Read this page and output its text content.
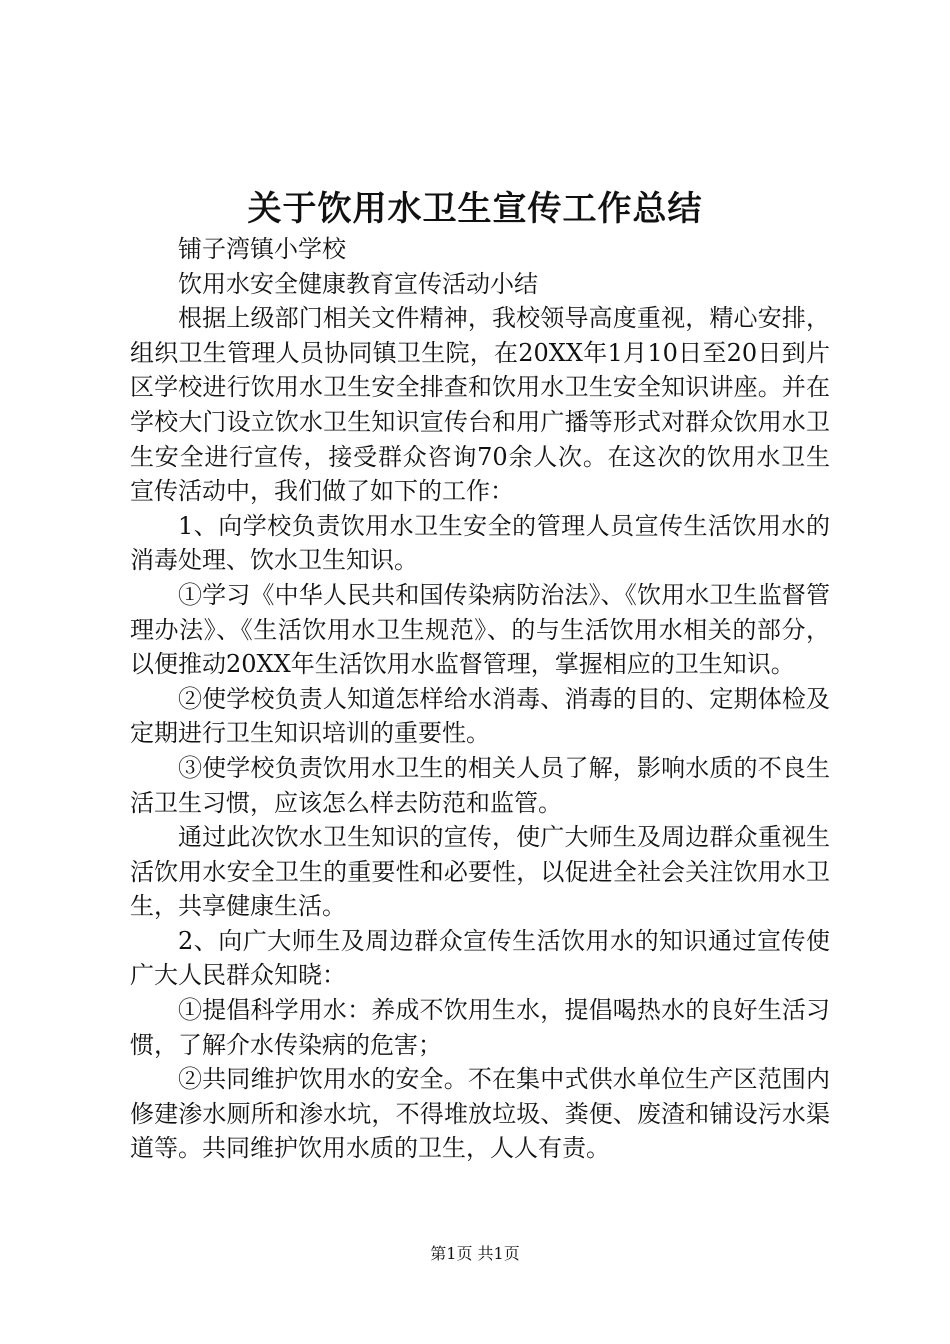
关于饮用水卫生宣传工作总结

铺子湾镇小学校

饮用水安全健康教育宣传活动小结

根据上级部门相关文件精神，我校领导高度重视，精心安排，组织卫生管理人员协同镇卫生院，在20XX年1月10日至20日到片区学校进行饮用水卫生安全排查和饮用水卫生安全知识讲座。并在学校大门设立饮水卫生知识宣传台和用广播等形式对群众饮用水卫生安全进行宣传，接受群众咨询70余人次。在这次的饮用水卫生宣传活动中，我们做了如下的工作：

1、向学校负责饮用水卫生安全的管理人员宣传生活饮用水的消毒处理、饮水卫生知识。

①学习《中华人民共和国传染病防治法》、《饮用水卫生监督管理办法》、《生活饮用水卫生规范》、的与生活饮用水相关的部分，以便推动20XX年生活饮用水监督管理，掌握相应的卫生知识。

②使学校负责人知道怎样给水消毒、消毒的目的、定期体检及定期进行卫生知识培训的重要性。

③使学校负责饮用水卫生的相关人员了解，影响水质的不良生活卫生习惯，应该怎么样去防范和监管。

通过此次饮水卫生知识的宣传，使广大师生及周边群众重视生活饮用水安全卫生的重要性和必要性，以促进全社会关注饮用水卫生，共享健康生活。

2、向广大师生及周边群众宣传生活饮用水的知识通过宣传使广大人民群众知晓：

①提倡科学用水：养成不饮用生水，提倡喝热水的良好生活习惯，了解介水传染病的危害；

②共同维护饮用水的安全。不在集中式供水单位生产区范围内修建渗水厕所和渗水坑，不得堆放垃圾、粪便、废渣和铺设污水渠道等。共同维护饮用水质的卫生，人人有责。

第1页 共1页
